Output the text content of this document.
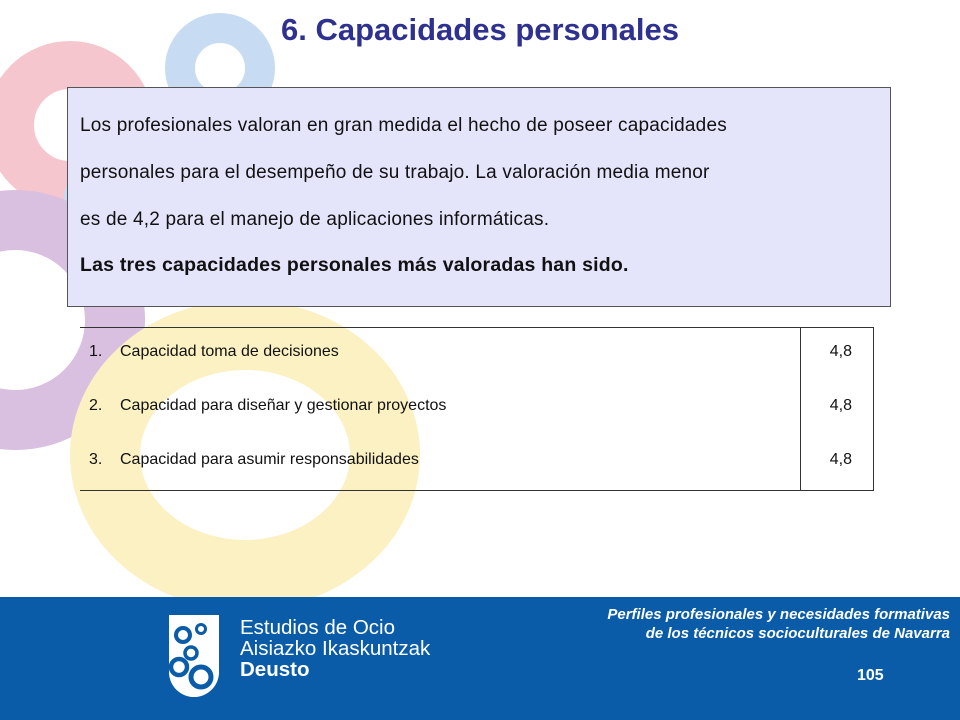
6. Capacidades personales

Los profesionales valoran en gran medida el hecho de poseer capacidades

personales para el desempeño de su trabajo. La valoración media menor

es de 4,2 para el manejo de aplicaciones informáticas.

Las tres capacidades personales más valoradas han sido.

1. Capacidad toma de decisiones	4,8
2. Capacidad para diseñar y gestionar proyectos	4,8
3. Capacidad para asumir responsabilidades	4,8
Estudios de Ocio
Aisiazko Ikaskuntzak
Deusto
Perfiles profesionales y necesidades formativas
de los técnicos socioculturales de Navarra
105
